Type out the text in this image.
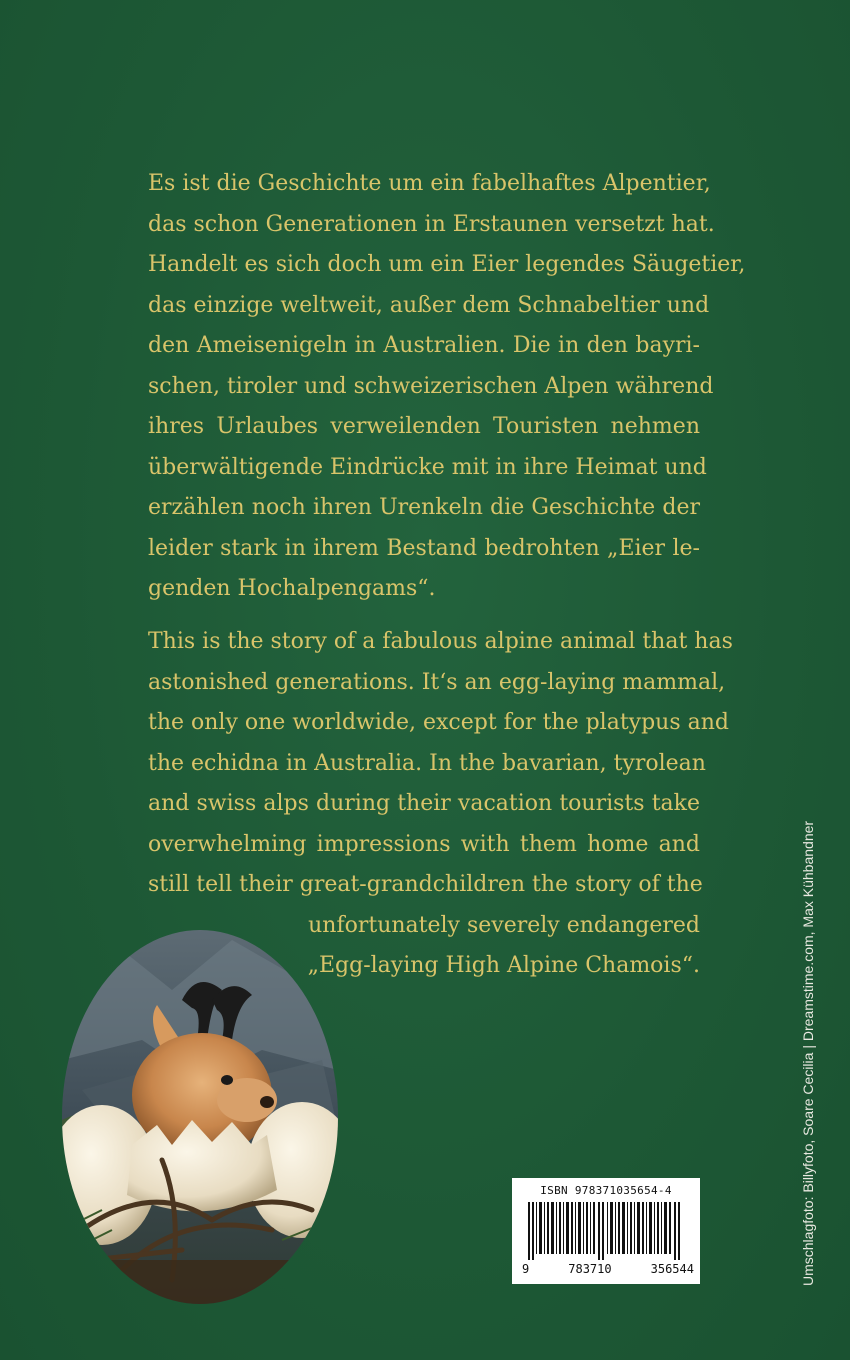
Es ist die Geschichte um ein fabelhaftes Alpentier,
das schon Generationen in Erstaunen versetzt hat.
Handelt es sich doch um ein Eier legendes Säugetier,
das einzige weltweit, außer dem Schnabeltier und
den Ameisenigeln in Australien. Die in den bayri-
schen, tiroler und schweizerischen Alpen während
ihres Urlaubes verweilenden Touristen nehmen
überwältigende Eindrücke mit in ihre Heimat und
erzählen noch ihren Urenkeln die Geschichte der
leider stark in ihrem Bestand bedrohten „Eier le-
genden Hochalpengams“.
This is the story of a fabulous alpine animal that has
astonished generations. It‘s an egg-laying mammal,
the only one worldwide, except for the platypus and
the echidna in Australia. In the bavarian, tyrolean
and swiss alps during their vacation tourists take
overwhelming impressions with them home and
still tell their great-grandchildren the story of the
unfortunately severely endangered
„Egg-laying High Alpine Chamois“.
ISBN 978371035654-4
9	783710	356544	Umschlagfoto: Billyfoto, Soare Cecilia | Dreamstime.com, Max Kühbandner
